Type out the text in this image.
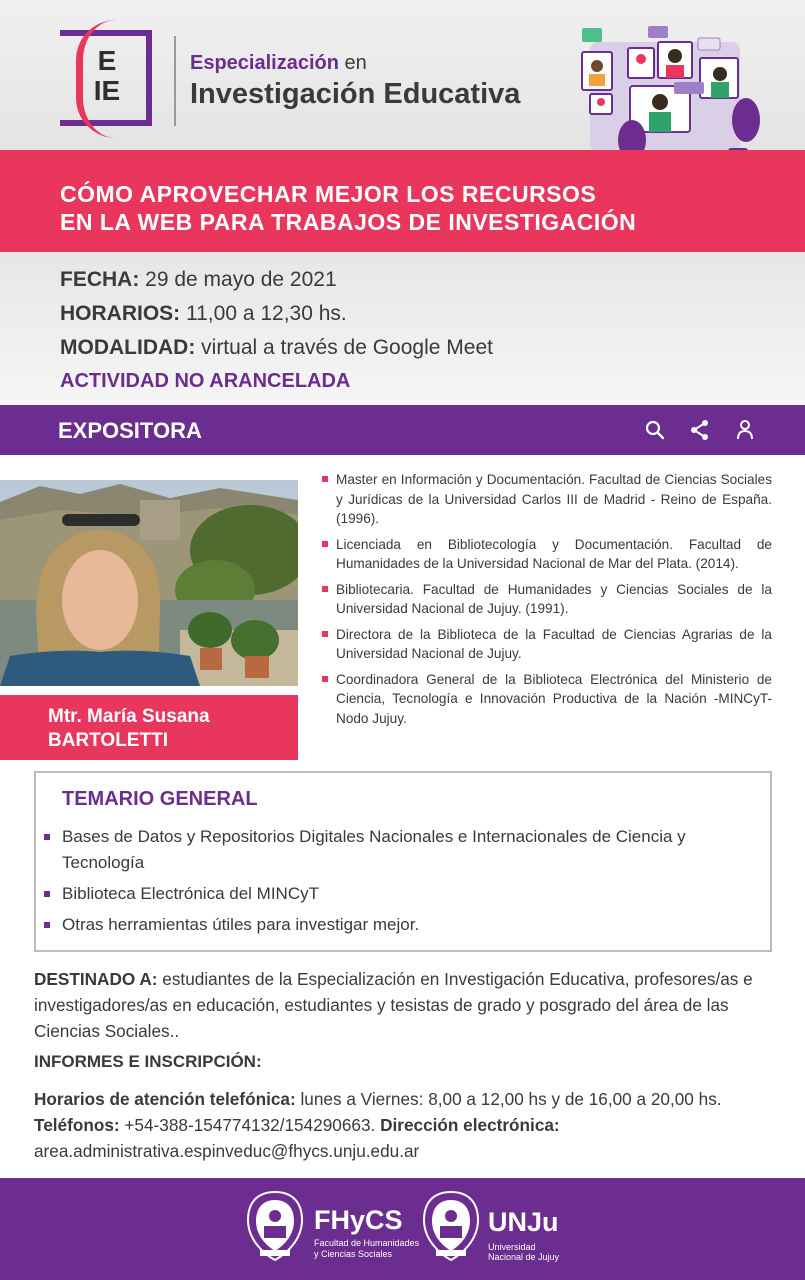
E
IE
Especialización en
Investigación Educativa
CÓMO APROVECHAR MEJOR LOS RECURSOS
EN LA WEB PARA TRABAJOS DE INVESTIGACIÓN
FECHA: 29 de mayo de 2021
HORARIOS: 11,00 a 12,30 hs.
MODALIDAD: virtual a través de Google Meet
ACTIVIDAD NO ARANCELADA
EXPOSITORA
Mtr. María Susana
BARTOLETTI
Master en Información y Documentación. Facultad de Ciencias Sociales y Jurídicas de la Universidad Carlos III de Madrid - Reino de España. (1996).
Licenciada en Bibliotecología y Documentación. Facultad de Humanidades de la Universidad Nacional de Mar del Plata. (2014).
Bibliotecaria. Facultad de Humanidades y Ciencias Sociales de la Universidad Nacional de Jujuy. (1991).
Directora de la Biblioteca de la Facultad de Ciencias Agrarias de la Universidad Nacional de Jujuy.
Coordinadora General de la Biblioteca Electrónica del Ministerio de Ciencia, Tecnología e Innovación Productiva de la Nación -MINCyT-Nodo Jujuy.
TEMARIO GENERAL
Bases de Datos y Repositorios Digitales Nacionales e Internacionales de Ciencia y Tecnología
Biblioteca Electrónica del MINCyT
Otras herramientas útiles para investigar mejor.
DESTINADO A: estudiantes de la Especialización en Investigación Educativa, profesores/as e investigadores/as en educación, estudiantes y tesistas de grado y posgrado del área de las Ciencias Sociales..
INFORMES E INSCRIPCIÓN:
Horarios de atención telefónica: lunes a Viernes: 8,00 a 12,00 hs y de 16,00 a 20,00 hs. Teléfonos: +54-388-154774132/154290663. Dirección electrónica: area.administrativa.espinveduc@fhycs.unju.edu.ar
FHyCS
Facultad de Humanidades
y Ciencias Sociales
UNJu
Universidad
Nacional de Jujuy
